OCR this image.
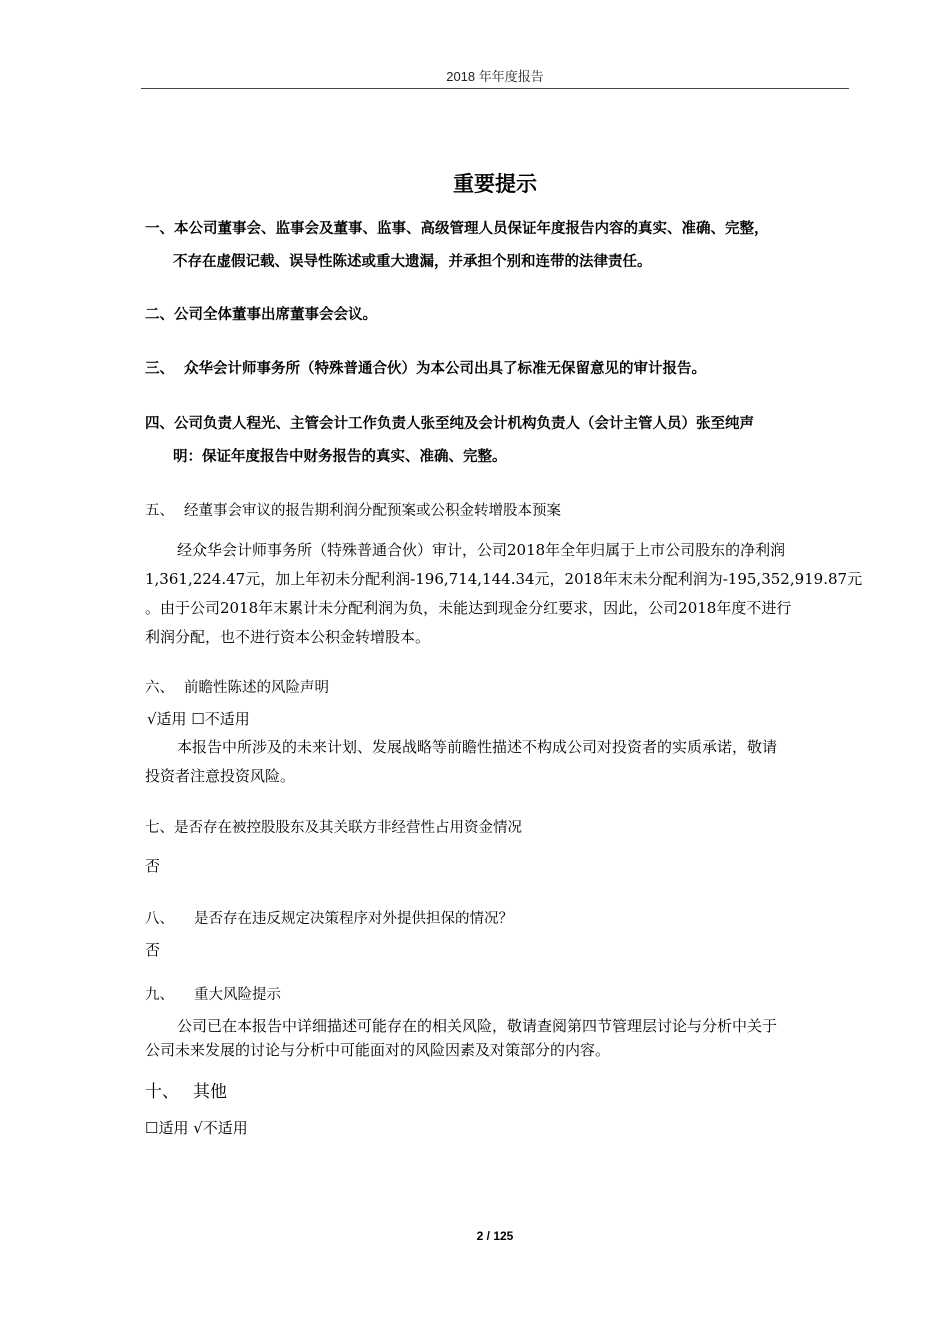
2018 年年度报告
重要提示
一、本公司董事会、监事会及董事、监事、高级管理人员保证年度报告内容的真实、准确、完整，
不存在虚假记载、误导性陈述或重大遗漏，并承担个别和连带的法律责任。
二、公司全体董事出席董事会会议。
三、 众华会计师事务所（特殊普通合伙）为本公司出具了标准无保留意见的审计报告。
四、公司负责人程光、主管会计工作负责人张至纯及会计机构负责人（会计主管人员）张至纯声
明：保证年度报告中财务报告的真实、准确、完整。
五、 经董事会审议的报告期利润分配预案或公积金转增股本预案
经众华会计师事务所（特殊普通合伙）审计，公司2018年全年归属于上市公司股东的净利润
1,361,224.47元，加上年初未分配利润-196,714,144.34元，2018年末未分配利润为-195,352,919.87元
。由于公司2018年末累计未分配利润为负，未能达到现金分红要求，因此，公司2018年度不进行
利润分配，也不进行资本公积金转增股本。
六、 前瞻性陈述的风险声明
√适用 ☐不适用
本报告中所涉及的未来计划、发展战略等前瞻性描述不构成公司对投资者的实质承诺，敬请
投资者注意投资风险。
七、是否存在被控股股东及其关联方非经营性占用资金情况
否
八、 是否存在违反规定决策程序对外提供担保的情况？
否
九、 重大风险提示
公司已在本报告中详细描述可能存在的相关风险，敬请查阅第四节管理层讨论与分析中关于
公司未来发展的讨论与分析中可能面对的风险因素及对策部分的内容。
十、 其他
☐适用 √不适用
2 / 125
